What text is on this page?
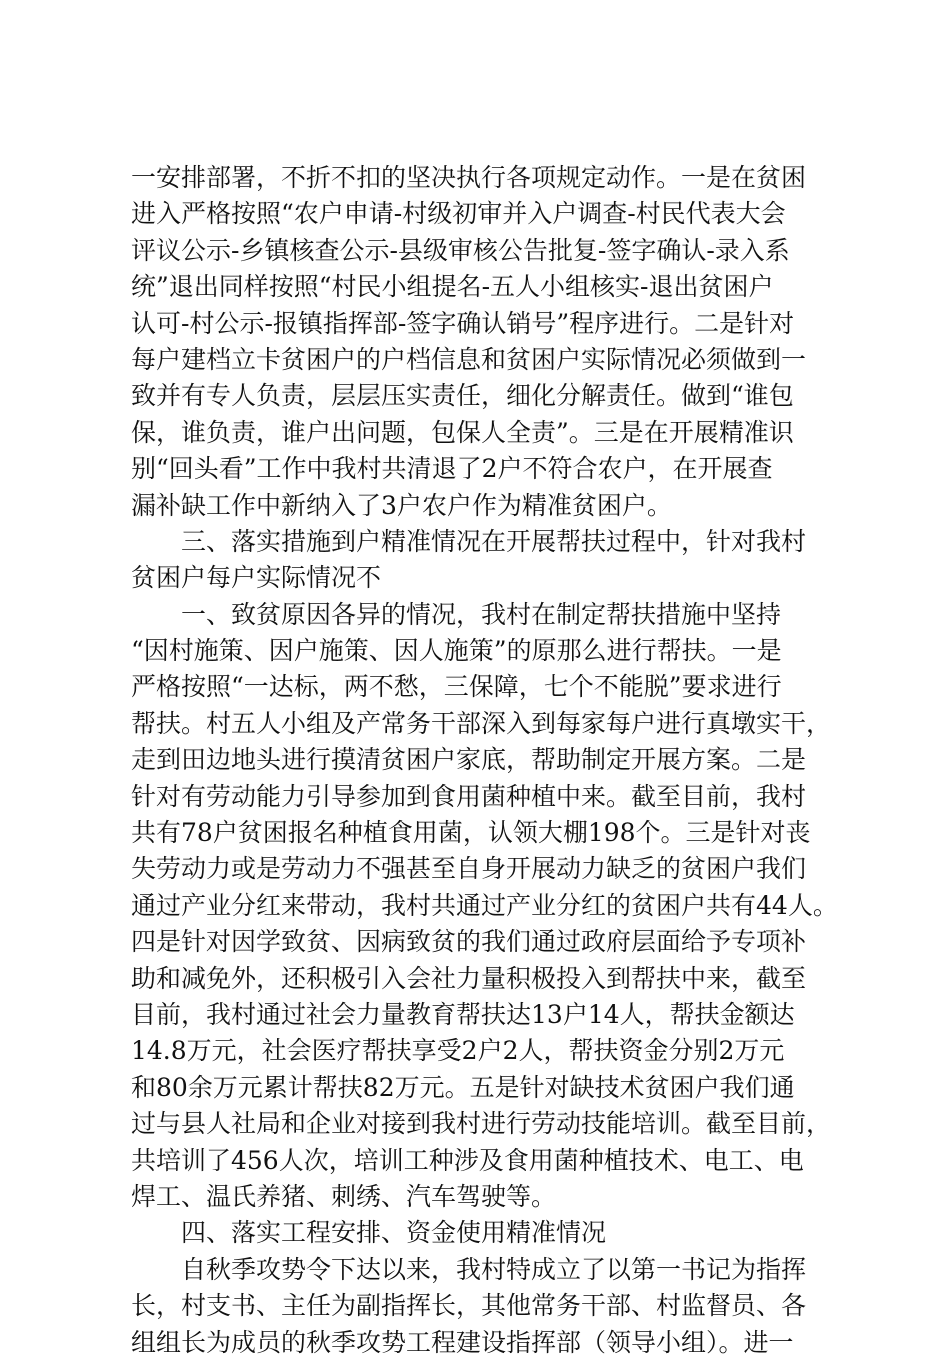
一安排部署，不折不扣的坚决执行各项规定动作。一是在贫困
进入严格按照“农户申请-村级初审并入户调查-村民代表大会
评议公示-乡镇核查公示-县级审核公告批复-签字确认-录入系
统”退出同样按照“村民小组提名-五人小组核实-退出贫困户
认可-村公示-报镇指挥部-签字确认销号”程序进行。二是针对
每户建档立卡贫困户的户档信息和贫困户实际情况必须做到一
致并有专人负责，层层压实责任，细化分解责任。做到“谁包
保，谁负责，谁户出问题，包保人全责”。三是在开展精准识
别“回头看”工作中我村共清退了2户不符合农户，在开展查
漏补缺工作中新纳入了3户农户作为精准贫困户。
三、落实措施到户精准情况在开展帮扶过程中，针对我村
贫困户每户实际情况不
一、致贫原因各异的情况，我村在制定帮扶措施中坚持
“因村施策、因户施策、因人施策”的原那么进行帮扶。一是
严格按照“一达标，两不愁，三保障，七个不能脱”要求进行
帮扶。村五人小组及产常务干部深入到每家每户进行真墩实干，
走到田边地头进行摸清贫困户家底，帮助制定开展方案。二是
针对有劳动能力引导参加到食用菌种植中来。截至目前，我村
共有78户贫困报名种植食用菌，认领大棚198个。三是针对丧
失劳动力或是劳动力不强甚至自身开展动力缺乏的贫困户我们
通过产业分红来带动，我村共通过产业分红的贫困户共有44人。
四是针对因学致贫、因病致贫的我们通过政府层面给予专项补
助和减免外，还积极引入会社力量积极投入到帮扶中来，截至
目前，我村通过社会力量教育帮扶达13户14人，帮扶金额达
14.8万元，社会医疗帮扶享受2户2人，帮扶资金分别2万元
和80余万元累计帮扶82万元。五是针对缺技术贫困户我们通
过与县人社局和企业对接到我村进行劳动技能培训。截至目前，
共培训了456人次，培训工种涉及食用菌种植技术、电工、电
焊工、温氏养猪、刺绣、汽车驾驶等。
四、落实工程安排、资金使用精准情况
自秋季攻势令下达以来，我村特成立了以第一书记为指挥
长，村支书、主任为副指挥长，其他常务干部、村监督员、各
组组长为成员的秋季攻势工程建设指挥部（领导小组）。进一
